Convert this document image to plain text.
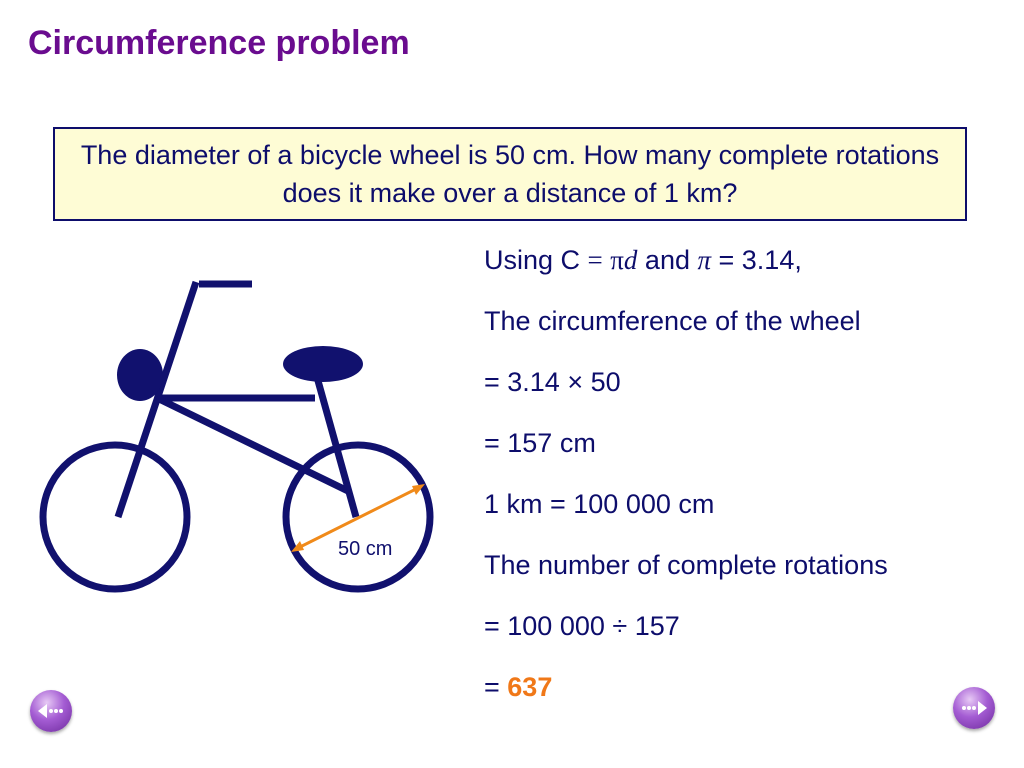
Circumference problem
The diameter of a bicycle wheel is 50 cm. How many complete rotations does it make over a distance of 1 km?
50 cm
Using C = πd and π = 3.14,
The circumference of the wheel
= 3.14 × 50
= 157 cm
1 km = 100 000 cm
The number of complete rotations
= 100 000 ÷ 157
= 637
